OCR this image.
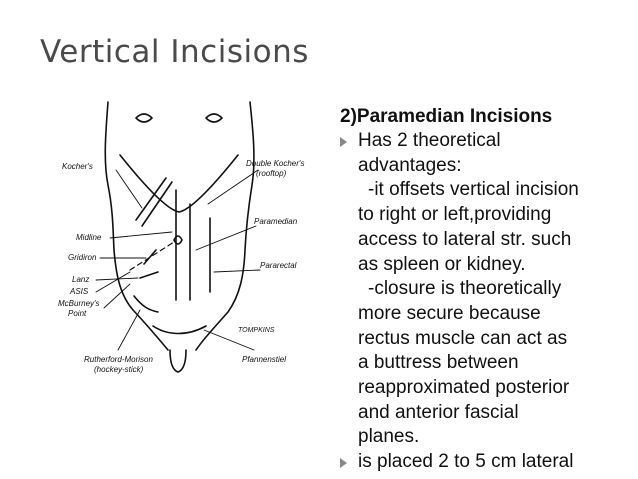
Vertical Incisions
Kocher's	Double Kocher's
(rooftop)
Midline
Paramedian
Gridiron
Pararectal
Lanz
ASIS
McBurney's
Point
Rutherford-Morison
(hockey-stick)
Pfannenstiel
TOMPKINS
2)Paramedian Incisions
Has 2 theoretical
advantages:
-it offsets vertical incision
to right or left,providing
access to lateral str. such
as spleen or kidney.
-closure is theoretically
more secure because
rectus muscle can act as
a buttress between
reapproximated posterior
and anterior fascial
planes.
is placed 2 to 5 cm lateral
